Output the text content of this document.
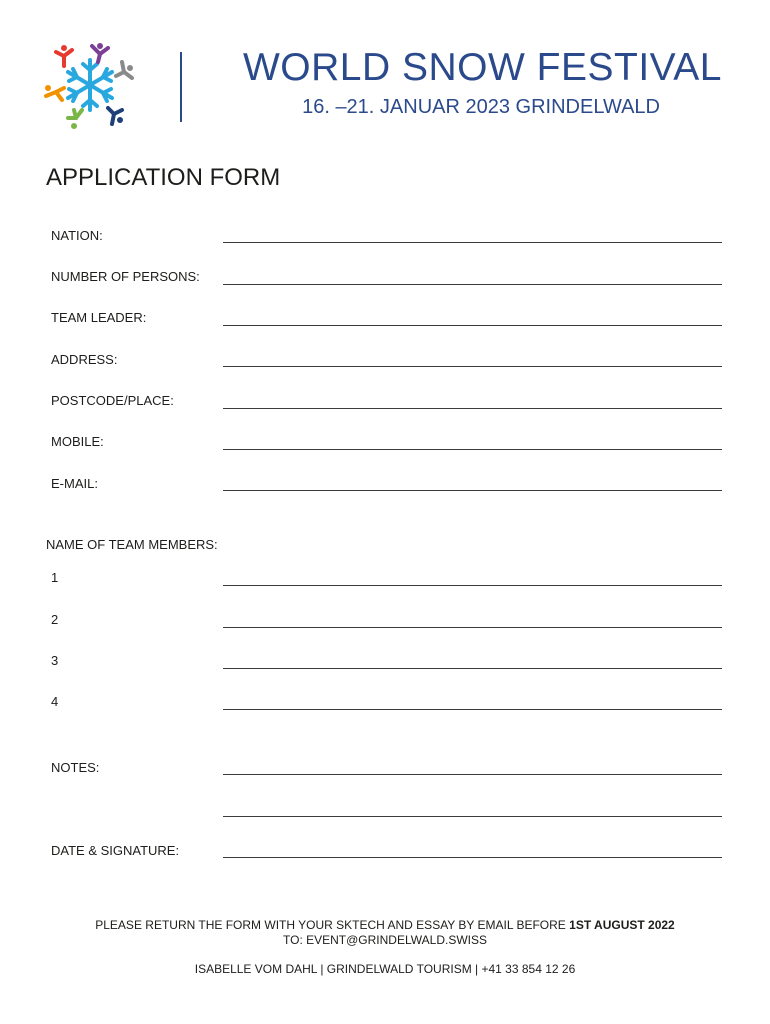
WORLD SNOW FESTIVAL
16. –21. JANUAR 2023 GRINDELWALD
APPLICATION FORM
NATION:
NUMBER OF PERSONS:
TEAM LEADER:
ADDRESS:
POSTCODE/PLACE:
MOBILE:
E-MAIL:
NAME OF TEAM MEMBERS:
1
2
3
4
NOTES:
DATE & SIGNATURE:
PLEASE RETURN THE FORM WITH YOUR SKTECH AND ESSAY BY EMAIL BEFORE 1ST AUGUST 2022
TO: EVENT@GRINDELWALD.SWISS
ISABELLE VOM DAHL | GRINDELWALD TOURISM | +41 33 854 12 26
